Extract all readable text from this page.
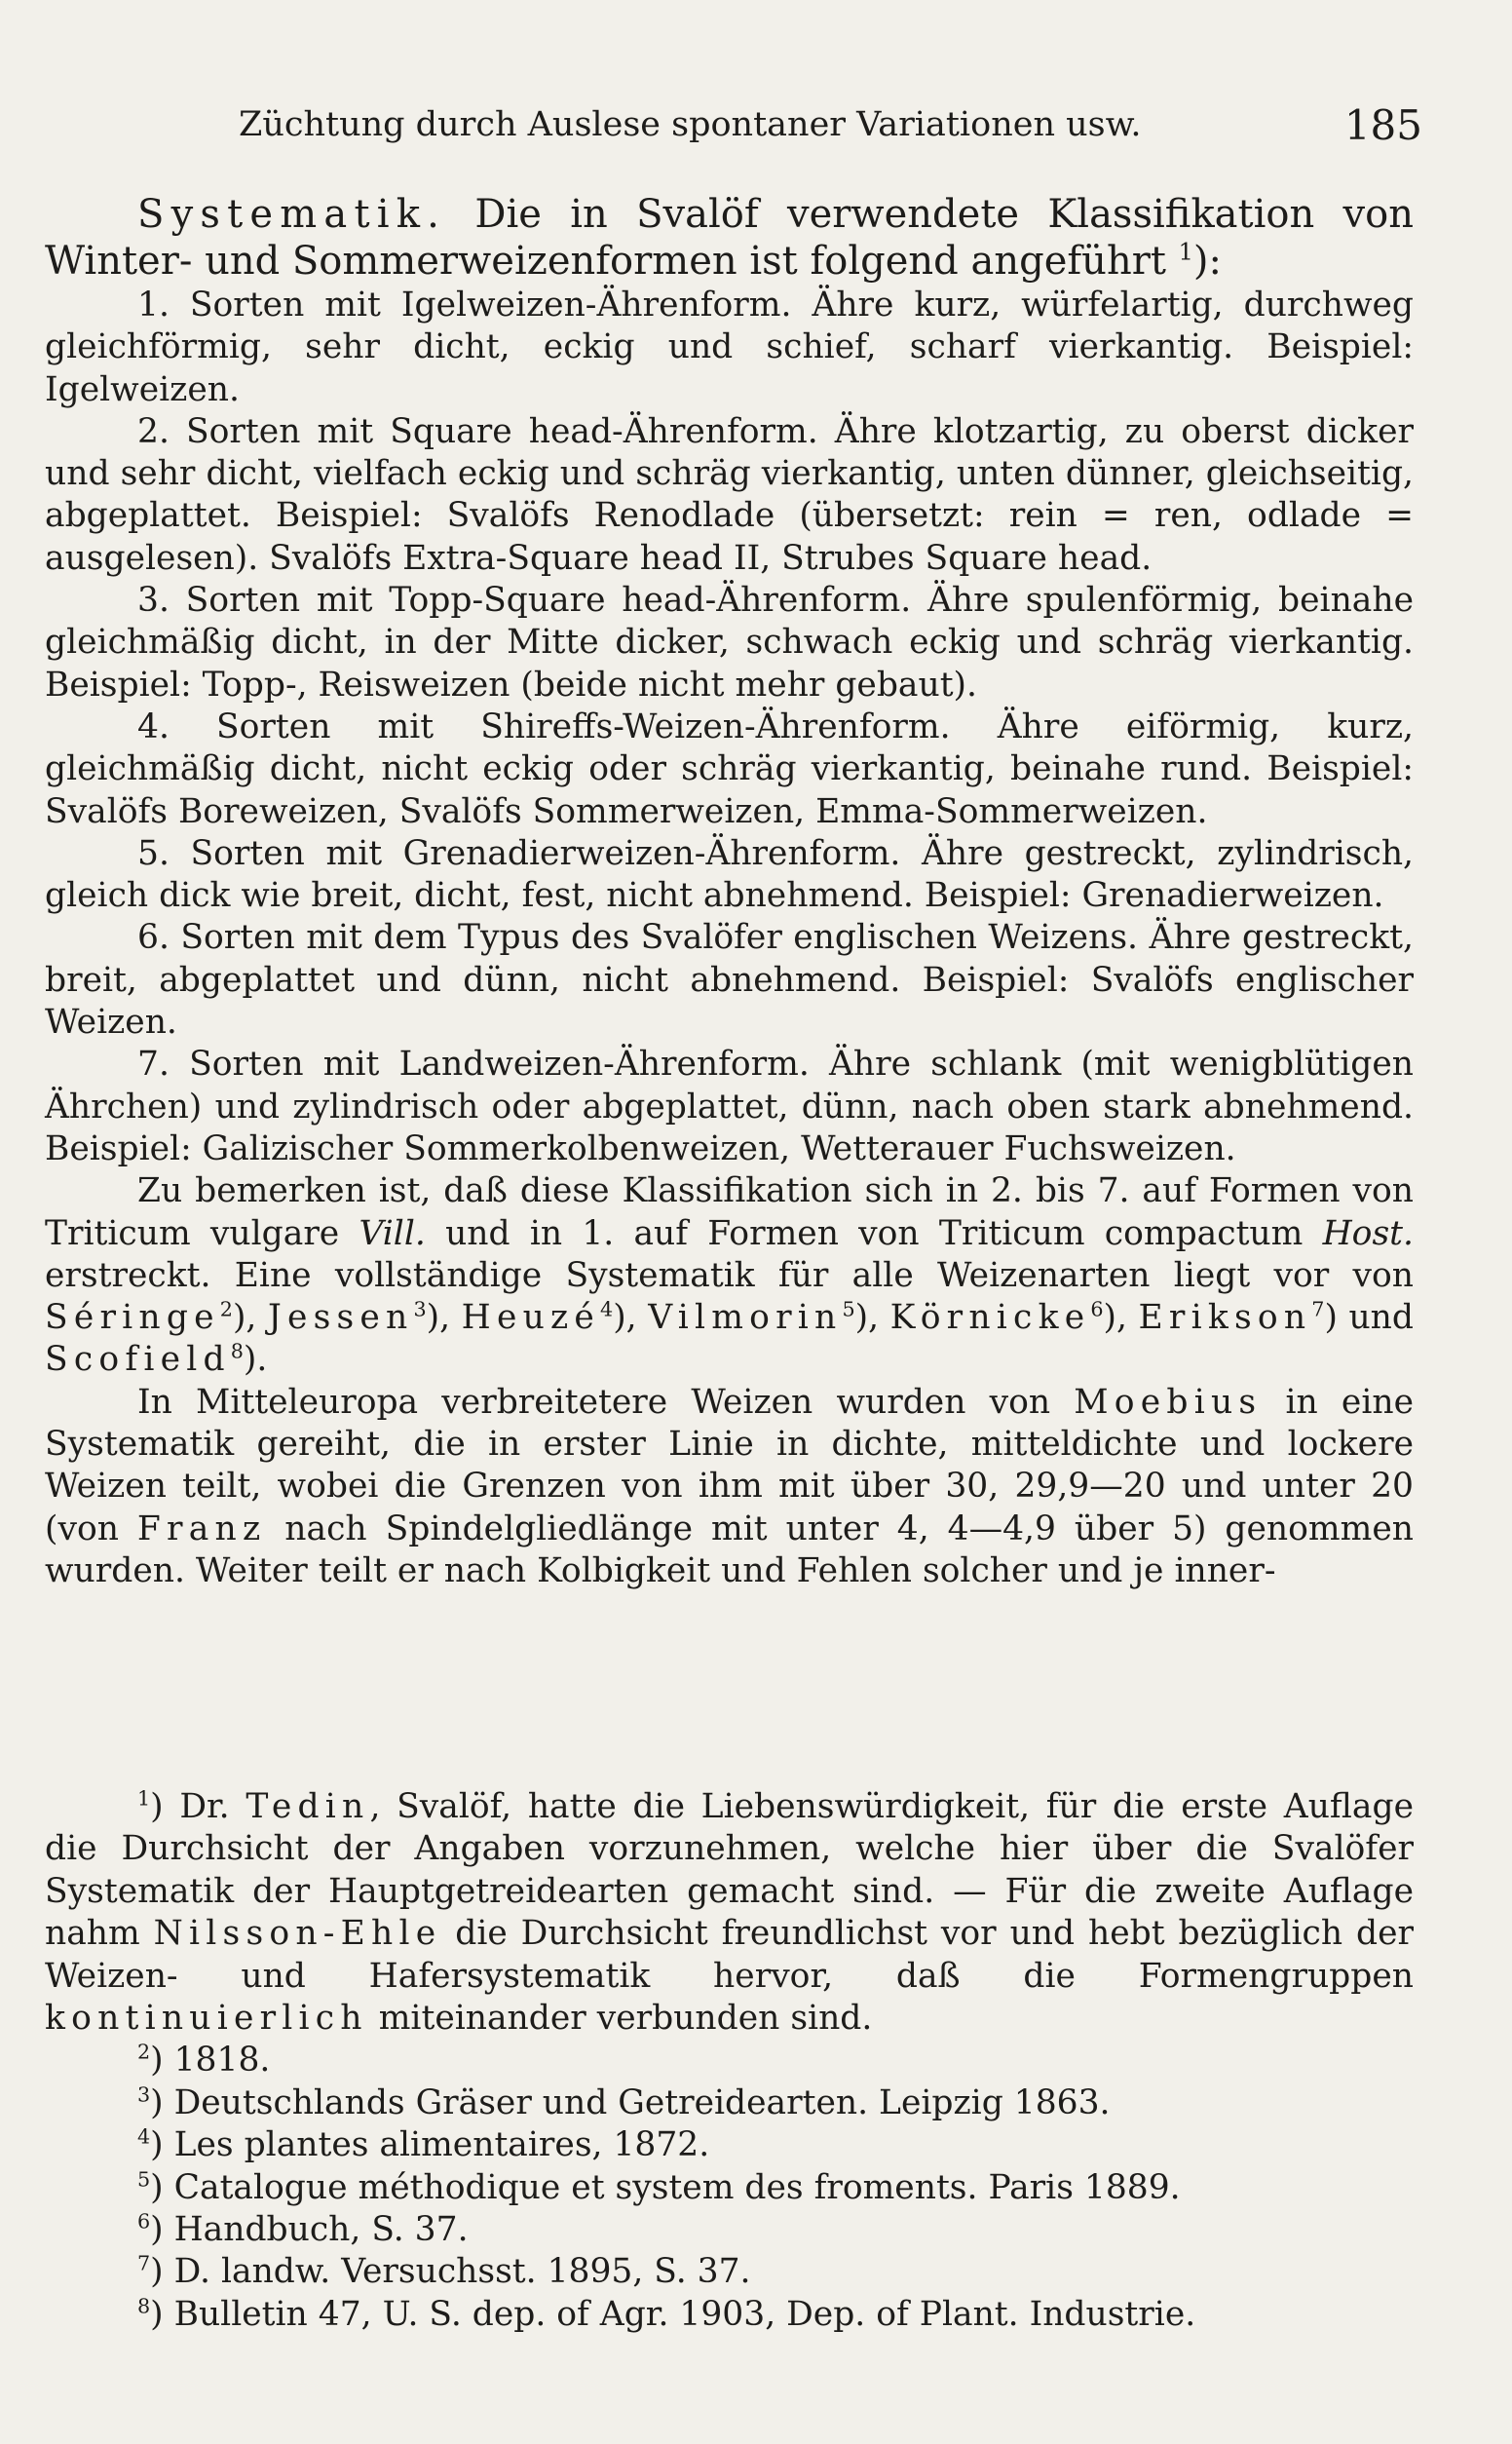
Züchtung durch Auslese spontaner Variationen usw.	185

Systematik. Die in Svalöf verwendete Klassifikation von Winter- und Sommerweizenformen ist folgend angeführt $^1$):

1. Sorten mit Igelweizen-Ährenform. Ähre kurz, würfelartig, durchweg gleichförmig, sehr dicht, eckig und schief, scharf vierkantig. Beispiel: Igelweizen.

2. Sorten mit Square head-Ährenform. Ähre klotzartig, zu oberst dicker und sehr dicht, vielfach eckig und schräg vierkantig, unten dünner, gleichseitig, abgeplattet. Beispiel: Svalöfs Renodlade (übersetzt: rein = ren, odlade = ausgelesen). Svalöfs Extra-Square head II, Strubes Square head.

3. Sorten mit Topp-Square head-Ährenform. Ähre spulenförmig, beinahe gleichmäßig dicht, in der Mitte dicker, schwach eckig und schräg vierkantig. Beispiel: Topp-, Reisweizen (beide nicht mehr gebaut).

4. Sorten mit Shireffs-Weizen-Ährenform. Ähre eiförmig, kurz, gleichmäßig dicht, nicht eckig oder schräg vierkantig, beinahe rund. Beispiel: Svalöfs Boreweizen, Svalöfs Sommerweizen, Emma-Sommerweizen.

5. Sorten mit Grenadierweizen-Ährenform. Ähre gestreckt, zylindrisch, gleich dick wie breit, dicht, fest, nicht abnehmend. Beispiel: Grenadierweizen.

6. Sorten mit dem Typus des Svalöfer englischen Weizens. Ähre gestreckt, breit, abgeplattet und dünn, nicht abnehmend. Beispiel: Svalöfs englischer Weizen.

7. Sorten mit Landweizen-Ährenform. Ähre schlank (mit wenigblütigen Ährchen) und zylindrisch oder abgeplattet, dünn, nach oben stark abnehmend. Beispiel: Galizischer Sommerkolbenweizen, Wetterauer Fuchsweizen.

Zu bemerken ist, daß diese Klassifikation sich in 2. bis 7. auf Formen von Triticum vulgare Vill. und in 1. auf Formen von Triticum compactum Host. erstreckt. Eine vollständige Systematik für alle Weizenarten liegt vor von Séringe$^2$), Jessen$^3$), Heuzé$^4$), Vilmorin$^5$), Körnicke$^6$), Erikson$^7$) und Scofield$^8$).

In Mitteleuropa verbreitetere Weizen wurden von Moebius in eine Systematik gereiht, die in erster Linie in dichte, mitteldichte und lockere Weizen teilt, wobei die Grenzen von ihm mit über 30, 29,9—20 und unter 20 (von Franz nach Spindelgliedlänge mit unter 4, 4—4,9 über 5) genommen wurden. Weiter teilt er nach Kolbigkeit und Fehlen solcher und je inner-

$^1$) Dr. Tedin, Svalöf, hatte die Liebenswürdigkeit, für die erste Auflage die Durchsicht der Angaben vorzunehmen, welche hier über die Svalöfer Systematik der Hauptgetreidearten gemacht sind. — Für die zweite Auflage nahm Nilsson-Ehle die Durchsicht freundlichst vor und hebt bezüglich der Weizen- und Hafersystematik hervor, daß die Formengruppen kontinuierlich miteinander verbunden sind.

$^2$) 1818.

$^3$) Deutschlands Gräser und Getreidearten. Leipzig 1863.

$^4$) Les plantes alimentaires, 1872.

$^5$) Catalogue méthodique et system des froments. Paris 1889.

$^6$) Handbuch, S. 37.

$^7$) D. landw. Versuchsst. 1895, S. 37.

$^8$) Bulletin 47, U. S. dep. of Agr. 1903, Dep. of Plant. Industrie.
